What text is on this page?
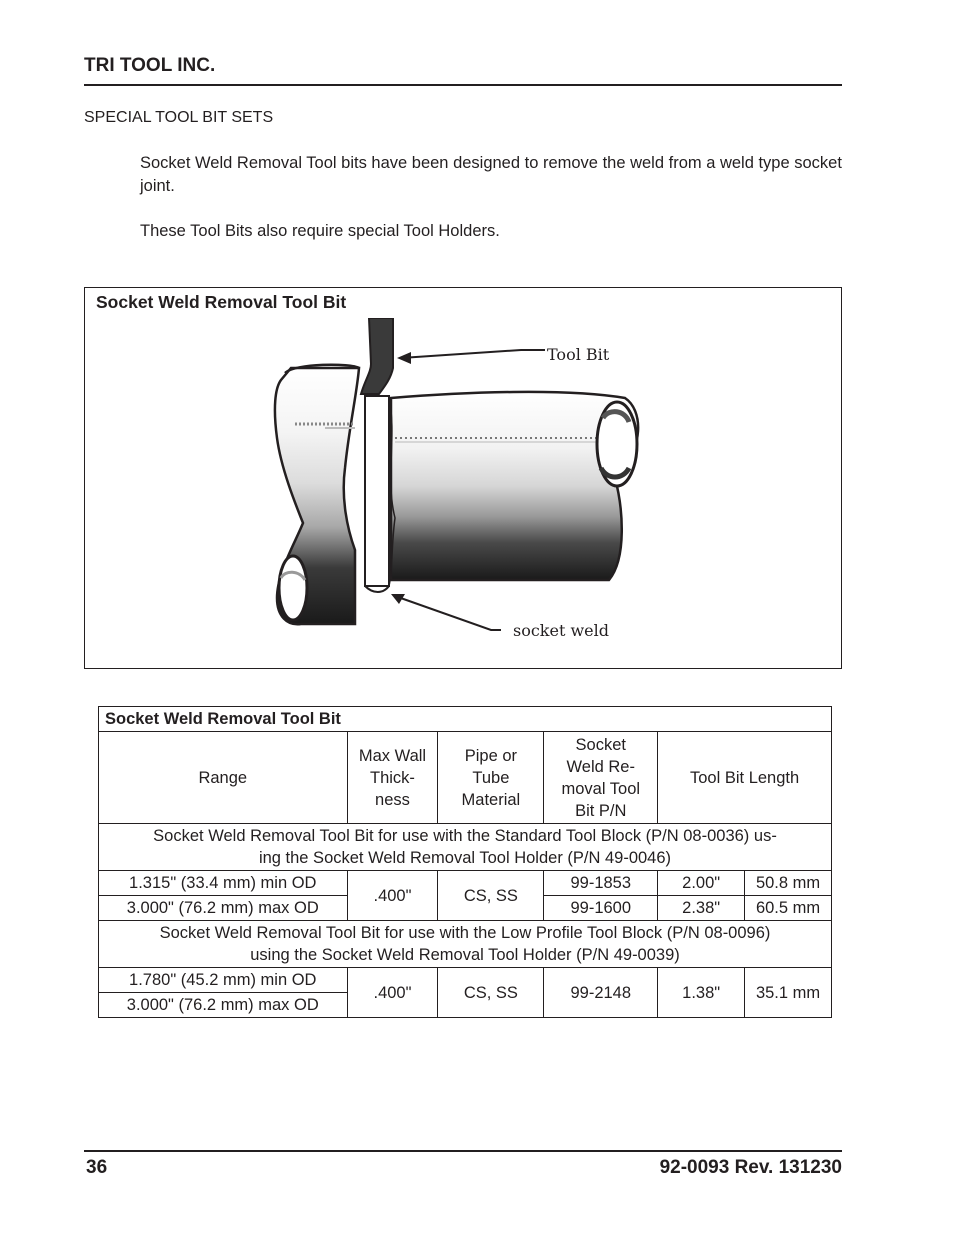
TRI TOOL INC.
SPECIAL TOOL BIT SETS
Socket Weld Removal Tool bits have been designed to remove the weld from a weld type socket joint.
These Tool Bits also require special Tool Holders.
Socket Weld Removal Tool Bit
Tool Bit
socket weld
Socket Weld Removal Tool Bit					
Range	Max Wall
Thick-
ness	Pipe or
Tube
Material	Socket
Weld Re-
moval Tool
Bit P/N	Tool Bit Length	
Socket Weld Removal Tool Bit for use with the Standard Tool Block (P/N 08-0036) us-
ing the Socket Weld Removal Tool Holder (P/N 49-0046)					
1.315" (33.4 mm) min OD	.400"	CS, SS	99-1853	2.00"	50.8 mm
3.000" (76.2 mm) max OD			99-1600	2.38"	60.5 mm
Socket Weld Removal Tool Bit for use with the Low Profile Tool Block (P/N 08-0096)
using the Socket Weld Removal Tool Holder (P/N 49-0039)					
1.780" (45.2 mm) min OD	.400"	CS, SS	99-2148	1.38"	35.1 mm
3.000" (76.2 mm) max OD					
36	92-0093 Rev. 131230
